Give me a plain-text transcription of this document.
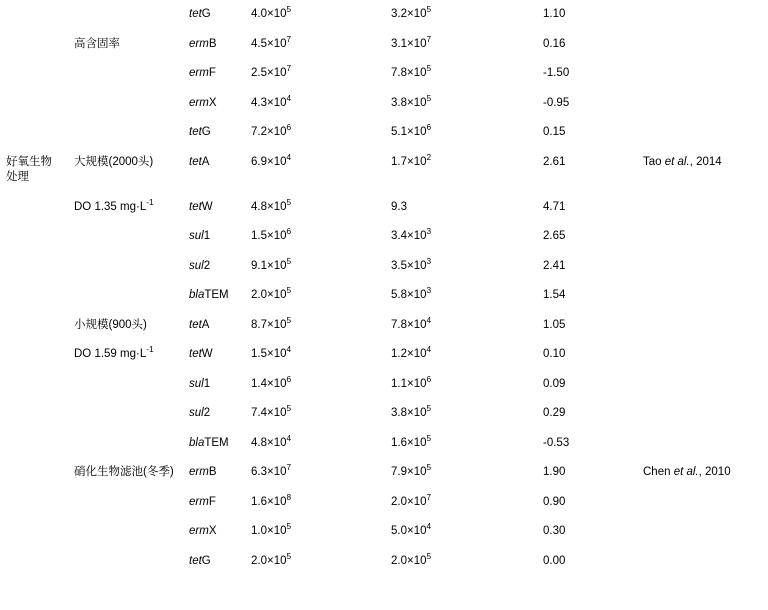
		tetG	$4.0\times 10^5$	$3.2\times 10^5$	1.10	
	高含固率	ermB	$4.5\times 10^7$	$3.1\times 10^7$	0.16	
		ermF	$2.5\times 10^7$	$7.8\times 10^5$	-1.50	
		ermX	$4.3\times 10^4$	$3.8\times 10^5$	-0.95	
		tetG	$7.2\times 10^6$	$5.1\times 10^6$	0.15	
好氧生物处理	大规模(2000头)	tetA	$6.9\times 10^4$	$1.7\times 10^2$	2.61	Tao et al., 2014
	DO 1.35 $mg\cdot L^{-1}$	tetW	$4.8\times 10^5$	9.3	4.71	
		sul1	$1.5\times 10^6$	$3.4\times 10^3$	2.65	
		sul2	$9.1\times 10^5$	$3.5\times 10^3$	2.41	
		blaTEM	$2.0\times 10^5$	$5.8\times 10^3$	1.54	
	小规模(900头)	tetA	$8.7\times 10^5$	$7.8\times 10^4$	1.05	
	DO 1.59 $mg\cdot L^{-1}$	tetW	$1.5\times 10^4$	$1.2\times 10^4$	0.10	
		sul1	$1.4\times 10^6$	$1.1\times 10^6$	0.09	
		sul2	$7.4\times 10^5$	$3.8\times 10^5$	0.29	
		blaTEM	$4.8\times 10^4$	$1.6\times 10^5$	-0.53	
	硝化生物滤池(冬季)	ermB	$6.3\times 10^7$	$7.9\times 10^5$	1.90	Chen et al., 2010
		ermF	$1.6\times 10^8$	$2.0\times 10^7$	0.90	
		ermX	$1.0\times 10^5$	$5.0\times 10^4$	0.30	
		tetG	$2.0\times 10^5$	$2.0\times 10^5$	0.00	
